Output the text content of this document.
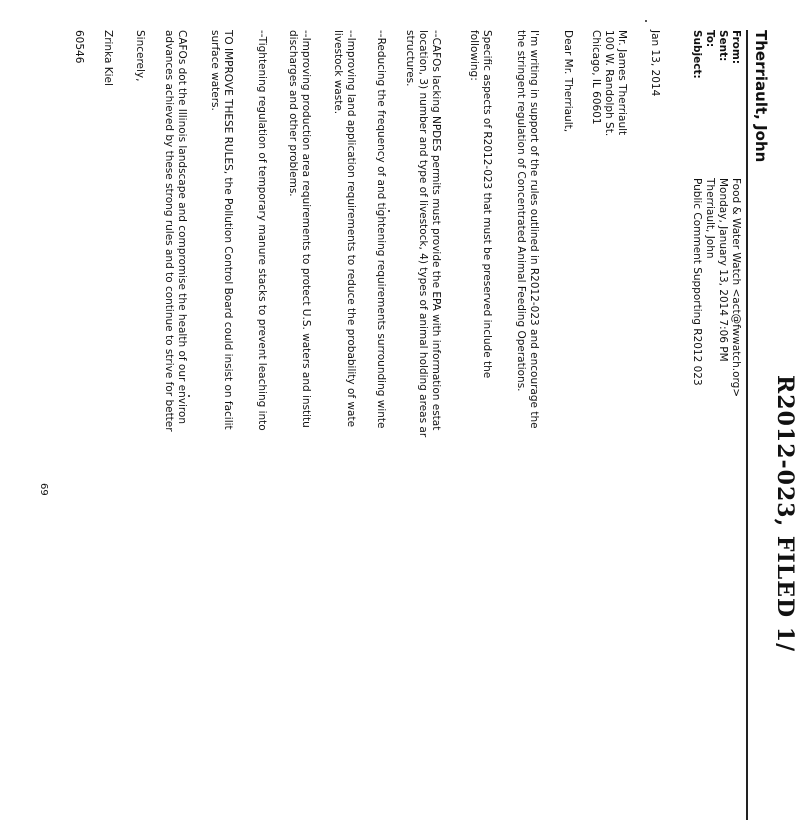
R2012-023, FILED 1/
Therriault, John
From:
Food & Water Watch <act@fwwatch.org>
Sent:
Monday, January 13, 2014 7:06 PM
To:
Therriault, John
Subject:
Public Comment Supporting R2012 023
Jan 13, 2014
Mr. James Therriault
100 W. Randolph St.
Chicago, IL 60601
Dear Mr. Therriault,
I'm writing in support of the rules outlined in R2012-023 and encourage the
the stringent regulation of Concentrated Animal Feeding Operations.
Specific aspects of R2012-023 that must be preserved include the
following:
--CAFOs lacking NPDES permits must provide the EPA with information estat
location, 3) number and type of livestock, 4) types of animal holding areas ar
structures.
--Reducing the frequency of and tightening requirements surrounding winte
--Improving land application requirements to reduce the probability of wate
livestock waste.
--Improving production area requirements to protect U.S. waters and institu
discharges and other problems.
--Tightening regulation of temporary manure stacks to prevent leaching into
TO IMPROVE THESE RULES, the Pollution Control Board could insist on facilit
surface waters.
CAFOs dot the Illinois landscape and compromise the health of our environ
advances achieved by these strong rules and to continue to strive for better
Sincerely,
Zrinka Kiel
60546
69
